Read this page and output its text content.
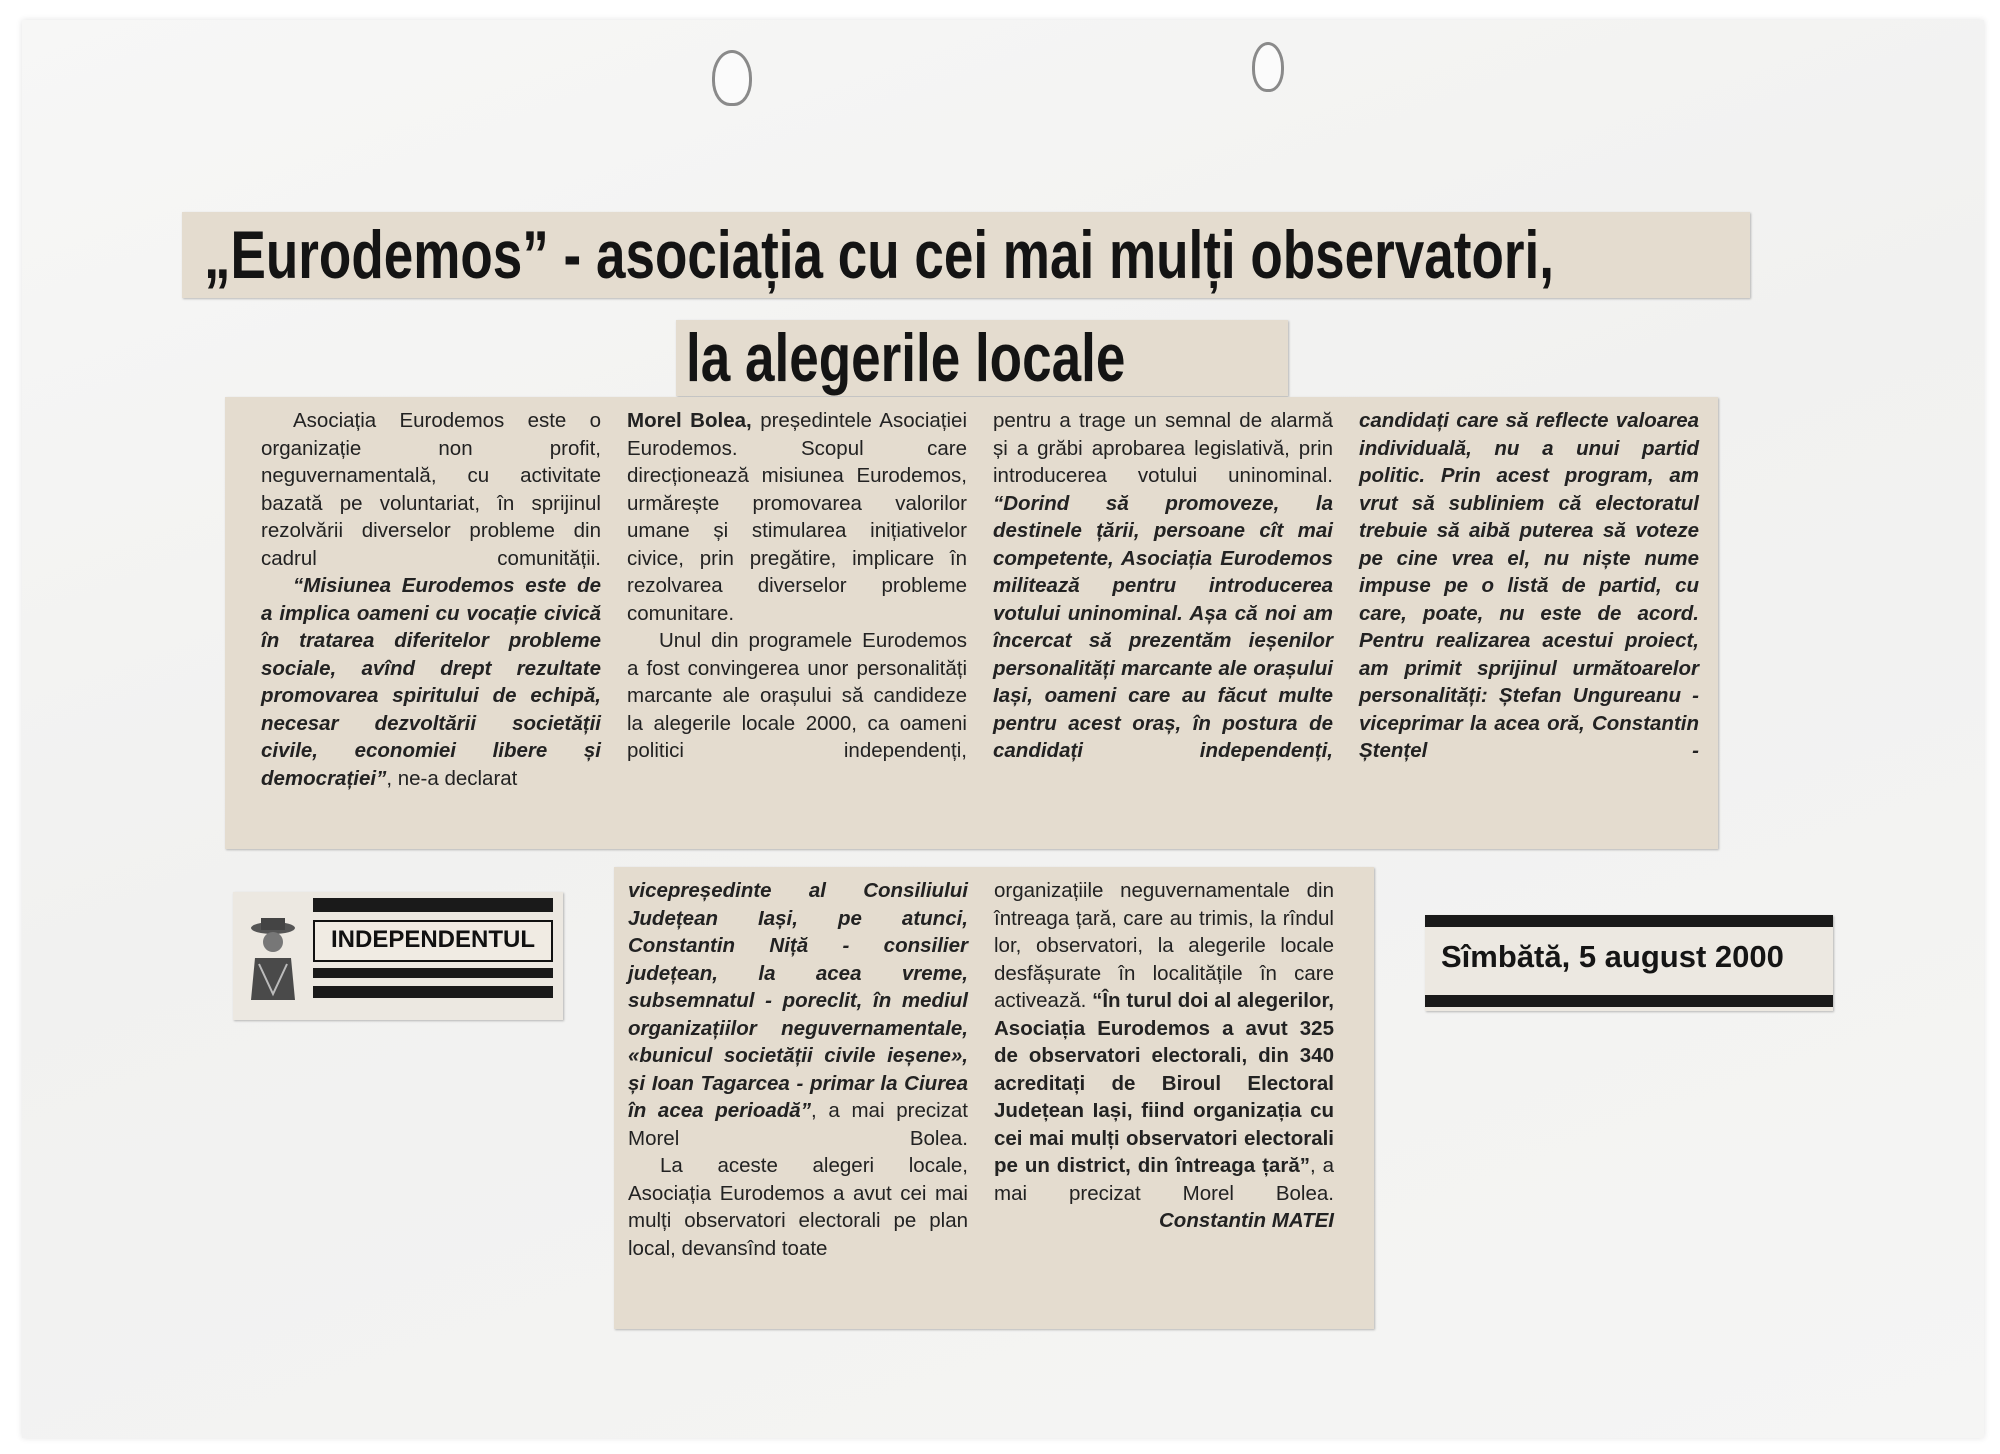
„Eurodemos” - asociația cu cei mai mulți observatori,
la alegerile locale

Asociația Eurodemos este o organizație non profit, neguvernamentală, cu activitate bazată pe voluntariat, în sprijinul rezolvării diverselor probleme din cadrul comunității.

“Misiunea Eurodemos este de a implica oameni cu vocație civică în tratarea diferitelor probleme sociale, avînd drept rezultate promovarea spiritului de echipă, necesar dezvoltării societății civile, economiei libere și democrației”, ne-a declarat

Morel Bolea, președintele Asociației Eurodemos. Scopul care direcționează misiunea Eurodemos, urmărește promovarea valorilor umane și stimularea inițiativelor civice, prin pregătire, implicare în rezolvarea diverselor probleme comunitare.

Unul din programele Eurodemos a fost convingerea unor personalități marcante ale orașului să candideze la alegerile locale 2000, ca oameni politici independenți,

pentru a trage un semnal de alarmă și a grăbi aprobarea legislativă, prin introducerea votului uninominal. “Dorind să promoveze, la destinele țării, persoane cît mai competente, Asociația Eurodemos militează pentru introducerea votului uninominal. Așa că noi am încercat să prezentăm ieșenilor personalități marcante ale orașului Iași, oameni care au făcut multe pentru acest oraș, în postura de candidați independenți,

candidați care să reflecte valoarea individuală, nu a unui partid politic. Prin acest program, am vrut să subliniem că electoratul trebuie să aibă puterea să voteze pe cine vrea el, nu niște nume impuse pe o listă de partid, cu care, poate, nu este de acord. Pentru realizarea acestui proiect, am primit sprijinul următoarelor personalități: Ștefan Ungureanu - viceprimar la acea oră, Constantin Ștențel -

vicepreședinte al Consiliului Județean Iași, pe atunci, Constantin Niță - consilier județean, la acea vreme, subsemnatul - poreclit, în mediul organizațiilor neguvernamentale, «bunicul societății civile ieșene», și Ioan Tagarcea - primar la Ciurea în acea perioadă”, a mai precizat Morel Bolea.

La aceste alegeri locale, Asociația Eurodemos a avut cei mai mulți observatori electorali pe plan local, devansînd toate

organizațiile neguvernamentale din întreaga țară, care au trimis, la rîndul lor, observatori, la alegerile locale desfășurate în localitățile în care activează. “În turul doi al alegerilor, Asociația Eurodemos a avut 325 de observatori electorali, din 340 acreditați de Biroul Electoral Județean Iași, fiind organizația cu cei mai mulți observatori electorali pe un district, din întreaga țară”, a mai precizat Morel Bolea.

Constantin MATEI

INDEPENDENTUL	Sîmbătă, 5 august 2000
